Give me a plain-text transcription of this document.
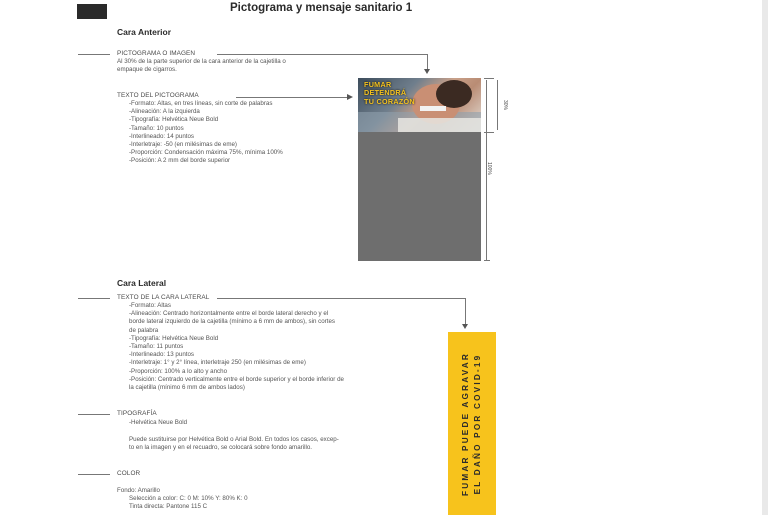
Pictograma y mensaje sanitario 1
Cara Anterior
PICTOGRAMA O IMAGEN
Al 30% de la parte superior de la cara anterior de la cajetilla o
empaque de cigarros.
TEXTO DEL PICTOGRAMA
-Formato: Altas, en tres líneas, sin corte de palabras
-Alineación: A la izquierda
-Tipografía: Helvética Neue Bold
-Tamaño: 10 puntos
-Interlineado: 14 puntos
-Interletraje: -50 (en milésimas de eme)
-Proporción: Condensación máxima 75%, mínima 100%
-Posición: A 2 mm del borde superior
FUMAR
DETENDRÁ
TU CORAZÓN	30%
100%
Cara Lateral
TEXTO DE LA CARA LATERAL
-Formato: Altas
-Alineación: Centrado horizontalmente entre el borde lateral derecho y el
borde lateral izquierdo de la cajetilla (mínimo a 6 mm de ambos), sin cortes
de palabra
-Tipografía: Helvética Neue Bold
-Tamaño: 11 puntos
-Interlineado: 13 puntos
-Interletraje: 1° y 2° línea, interletraje 250 (en milésimas de eme)
-Proporción: 100% a lo alto y ancho
-Posición: Centrado verticalmente entre el borde superior y el borde inferior de
la cajetilla (mínimo 6 mm de ambos lados)
TIPOGRAFÍA
-Helvética Neue Bold
Puede sustituirse por Helvética Bold o Arial Bold. En todos los casos, excep-
to en la imagen y en el recuadro, se colocará sobre fondo amarillo.
COLOR
Fondo: Amarillo
Selección a color: C: 0 M: 10% Y: 80% K: 0
Tinta directa: Pantone 115 C
FUMAR PUEDE AGRAVAR EL DAÑO POR COVID-19
